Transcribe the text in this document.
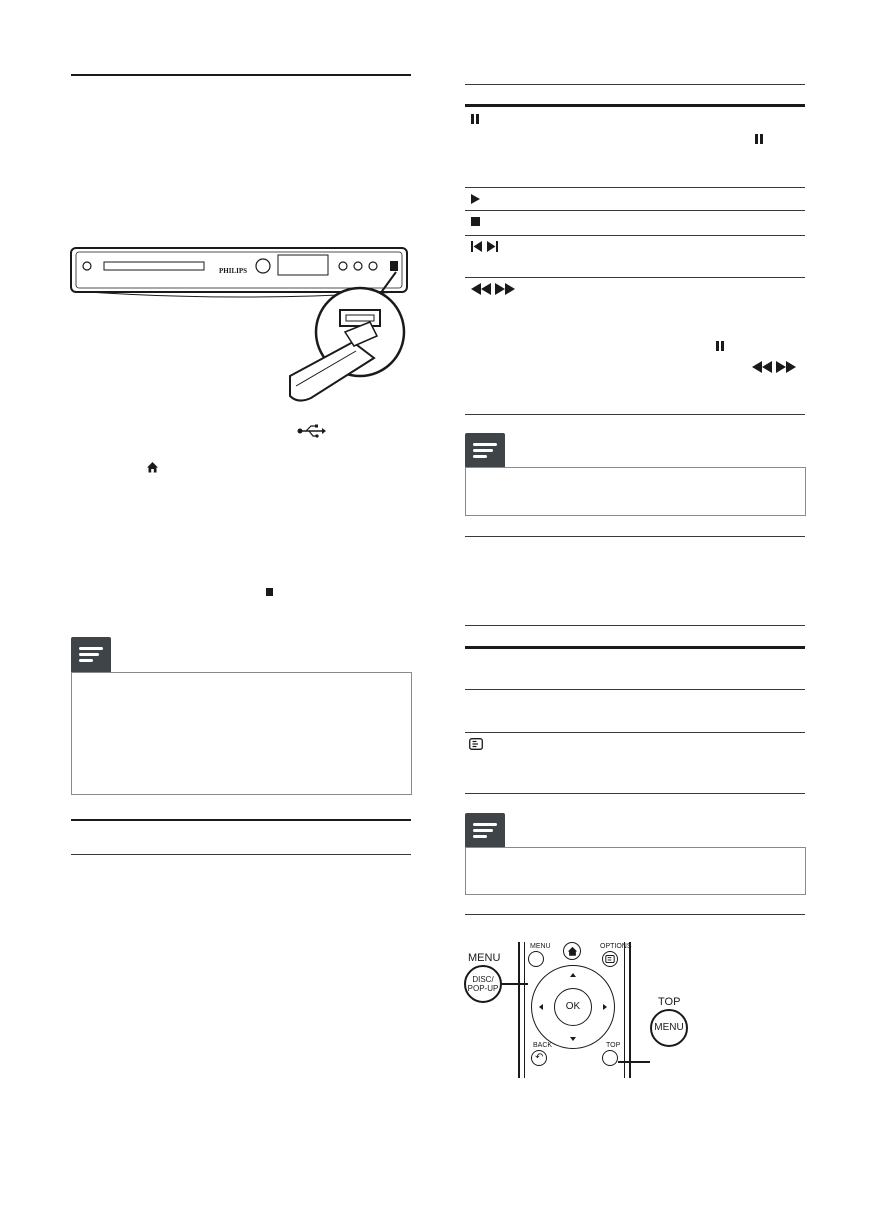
PHILIPS
MENU
DISC/
POP-UP
MENU	OPTIONS
OK
BACK
↶
TOP
TOP
MENU
